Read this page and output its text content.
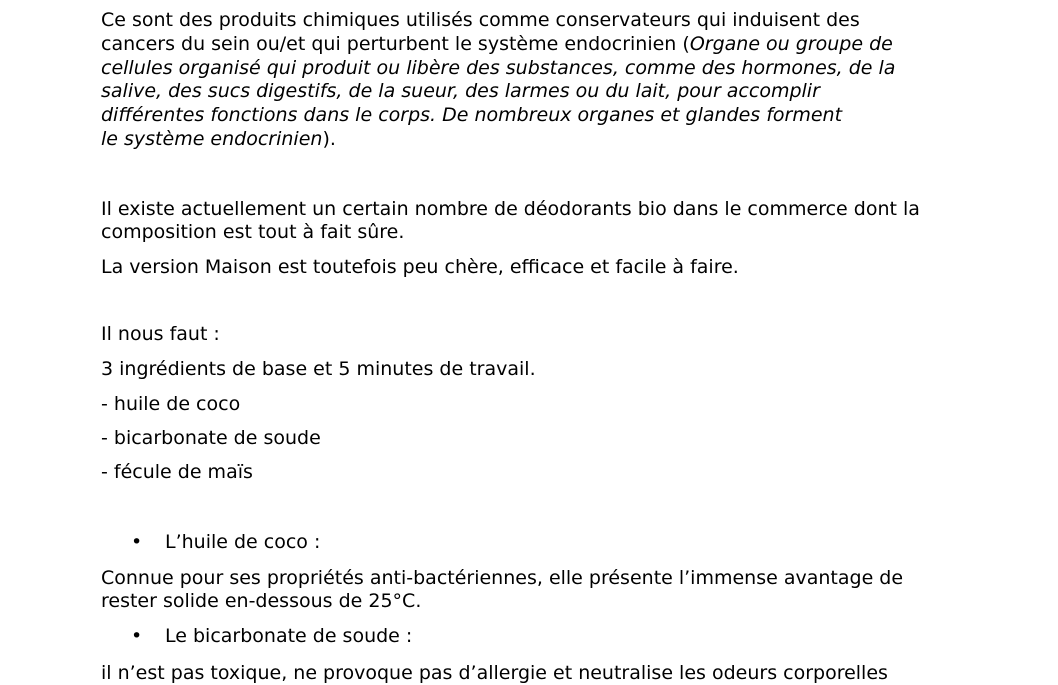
Ce sont des produits chimiques utilisés comme conservateurs qui induisent des

cancers du sein ou/et qui perturbent le système endocrinien (Organe ou groupe de

cellules organisé qui produit ou libère des substances, comme des hormones, de la

salive, des sucs digestifs, de la sueur, des larmes ou du lait, pour accomplir

différentes fonctions dans le corps. De nombreux organes et glandes forment

le système endocrinien).

Il existe actuellement un certain nombre de déodorants bio dans le commerce dont la

composition est tout à fait sûre.

La version Maison est toutefois peu chère, efficace et facile à faire.

Il nous faut :

3 ingrédients de base et 5 minutes de travail.

- huile de coco

- bicarbonate de soude

- fécule de maïs

• L’huile de coco :

Connue pour ses propriétés anti-bactériennes, elle présente l’immense avantage de

rester solide en-dessous de 25°C.

• Le bicarbonate de soude :

il n’est pas toxique, ne provoque pas d’allergie et neutralise les odeurs corporelles
